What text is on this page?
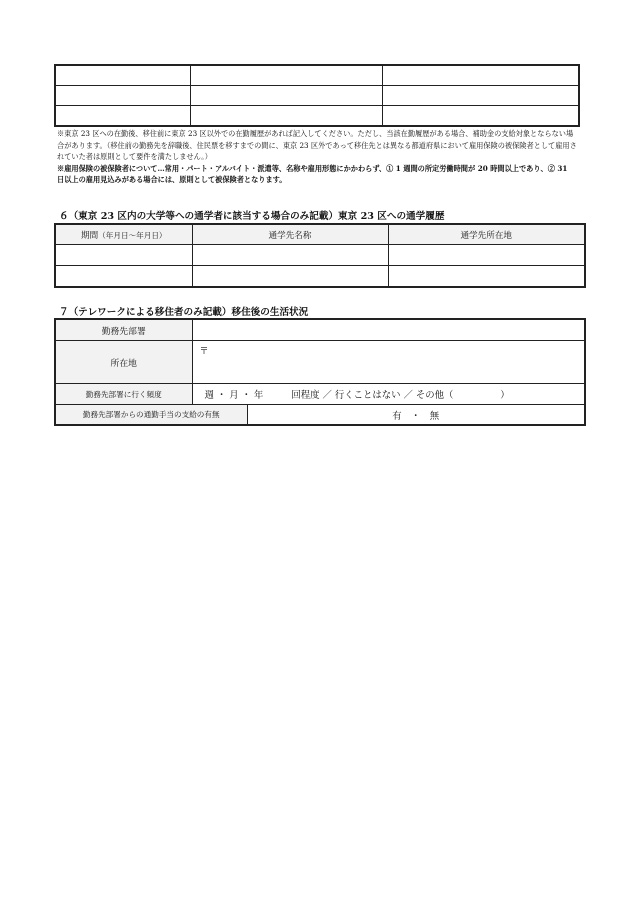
※東京 23 区への在勤後、移住前に東京 23 区以外での在勤履歴があれば記入してください。ただし、当該在勤履歴がある場合、補助金の支給対象とならない場合があります。（移住前の勤務先を辞職後、住民票を移すまでの間に、東京 23 区外であって移住先とは異なる都道府県において雇用保険の被保険者として雇用されていた者は原則として要件を満たしません。）

※雇用保険の被保険者について…常用・パート・アルバイト・派遣等、名称や雇用形態にかかわらず、① 1 週間の所定労働時間が 20 時間以上であり、② 31 日以上の雇用見込みがある場合には、原則として被保険者となります。

６（東京 23 区内の大学等への通学者に該当する場合のみ記載）東京 23 区への通学履歴
期間（年月日～年月日）	通学先名称	通学先所在地

７（テレワークによる移住者のみ記載）移住後の生活状況
勤務先部署		
所在地	〒	
勤務先部署に行く頻度	週 ・ 月 ・ 年　　　回程度 ／ 行くことはない ／ その他（　　　　　）	
勤務先部署からの通勤手当の支給の有無		有　・　無
